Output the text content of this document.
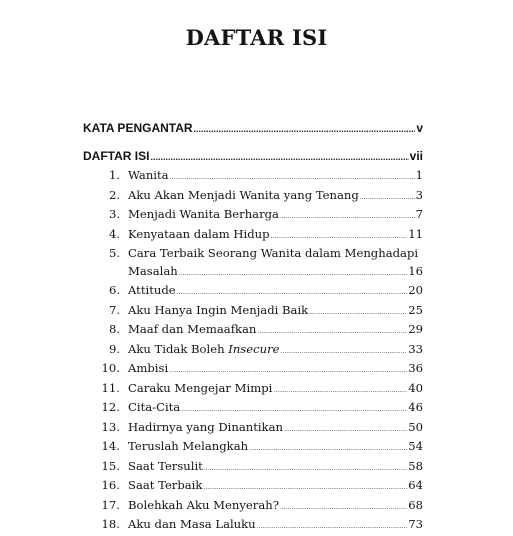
DAFTAR ISI
KATA PENGANTAR .....	v
DAFTAR ISI .....	vii
1. Wanita .....	1
2. Aku Akan Menjadi Wanita yang Tenang .....	3
3. Menjadi Wanita Berharga .....	7
4. Kenyataan dalam Hidup .....	11
5. Cara Terbaik Seorang Wanita dalam Menghadapi
Masalah .....	16
6. Attitude .....	20
7. Aku Hanya Ingin Menjadi Baik .....	25
8. Maaf dan Memaafkan .....	29
9. Aku Tidak Boleh Insecure .....	33
10. Ambisi .....	36
11. Caraku Mengejar Mimpi .....	40
12. Cita-Cita .....	46
13. Hadirnya yang Dinantikan .....	50
14. Teruslah Melangkah .....	54
15. Saat Tersulit .....	58
16. Saat Terbaik .....	64
17. Bolehkah Aku Menyerah? .....	68
18. Aku dan Masa Laluku .....	73
